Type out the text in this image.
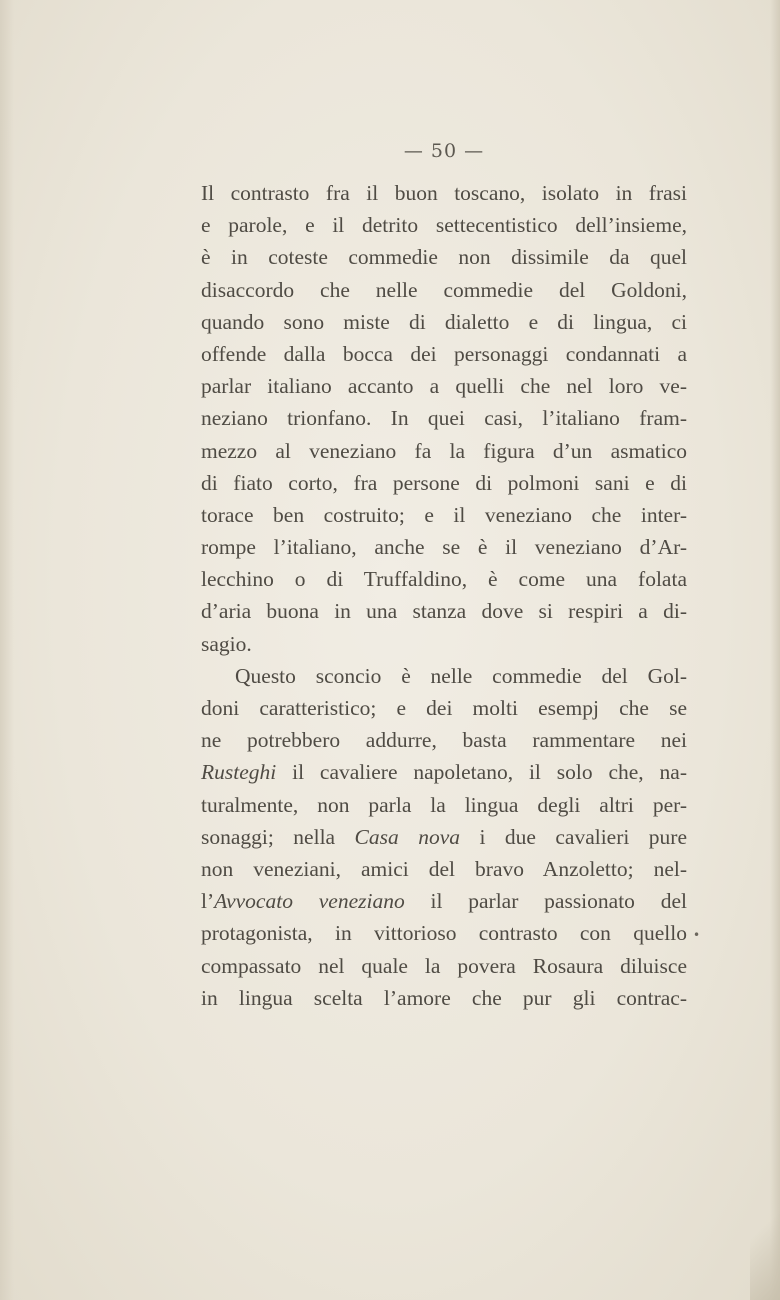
— 50 —
Il contrasto fra il buon toscano, isolato in frasi
e parole, e il detrito settecentistico dell’insieme,
è in coteste commedie non dissimile da quel
disaccordo che nelle commedie del Goldoni,
quando sono miste di dialetto e di lingua, ci
offende dalla bocca dei personaggi condannati a
parlar italiano accanto a quelli che nel loro ve-
neziano trionfano. In quei casi, l’italiano fram-
mezzo al veneziano fa la figura d’un asmatico
di fiato corto, fra persone di polmoni sani e di
torace ben costruito; e il veneziano che inter-
rompe l’italiano, anche se è il veneziano d’Ar-
lecchino o di Truffaldino, è come una folata
d’aria buona in una stanza dove si respiri a di-
sagio.
Questo sconcio è nelle commedie del Gol-
doni caratteristico; e dei molti esempj che se
ne potrebbero addurre, basta rammentare nei
Rusteghi il cavaliere napoletano, il solo che, na-
turalmente, non parla la lingua degli altri per-
sonaggi; nella Casa nova i due cavalieri pure
non veneziani, amici del bravo Anzoletto; nel-
l’Avvocato veneziano il parlar passionato del
protagonista, in vittorioso contrasto con quello
compassato nel quale la povera Rosaura diluisce
in lingua scelta l’amore che pur gli contrac-
•
